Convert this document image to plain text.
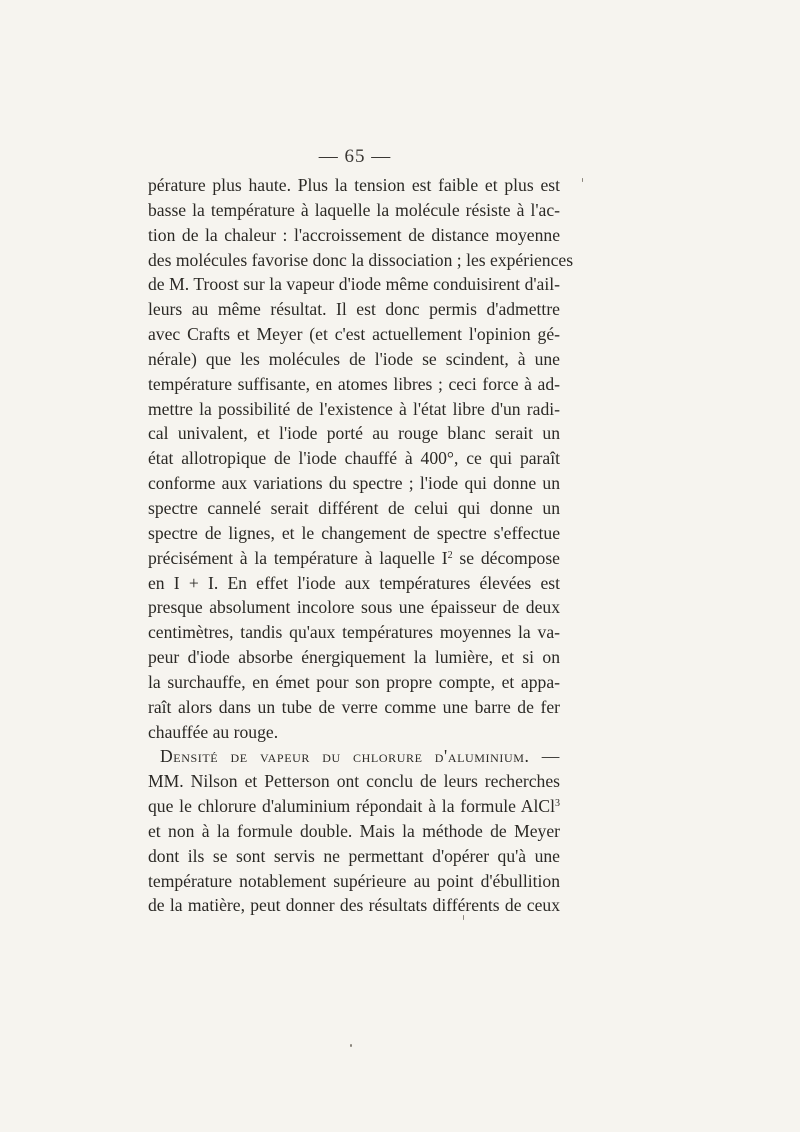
— 65 —
pérature plus haute. Plus la tension est faible et plus est
basse la température à laquelle la molécule résiste à l'ac-
tion de la chaleur : l'accroissement de distance moyenne
des molécules favorise donc la dissociation ; les expériences
de M. Troost sur la vapeur d'iode même conduisirent d'ail-
leurs au même résultat. Il est donc permis d'admettre
avec Crafts et Meyer (et c'est actuellement l'opinion gé-
nérale) que les molécules de l'iode se scindent, à une
température suffisante, en atomes libres ; ceci force à ad-
mettre la possibilité de l'existence à l'état libre d'un radi-
cal univalent, et l'iode porté au rouge blanc serait un
état allotropique de l'iode chauffé à 400°, ce qui paraît
conforme aux variations du spectre ; l'iode qui donne un
spectre cannelé serait différent de celui qui donne un
spectre de lignes, et le changement de spectre s'effectue
précisément à la température à laquelle $I^2$ se décompose
en I + I. En effet l'iode aux températures élevées est
presque absolument incolore sous une épaisseur de deux
centimètres, tandis qu'aux températures moyennes la va-
peur d'iode absorbe énergiquement la lumière, et si on
la surchauffe, en émet pour son propre compte, et appa-
raît alors dans un tube de verre comme une barre de fer
chauffée au rouge.
Densité de vapeur du chlorure d'aluminium. —
MM. Nilson et Petterson ont conclu de leurs recherches
que le chlorure d'aluminium répondait à la formule AlCl$^3$
et non à la formule double. Mais la méthode de Meyer
dont ils se sont servis ne permettant d'opérer qu'à une
température notablement supérieure au point d'ébullition
de la matière, peut donner des résultats différents de ceux
